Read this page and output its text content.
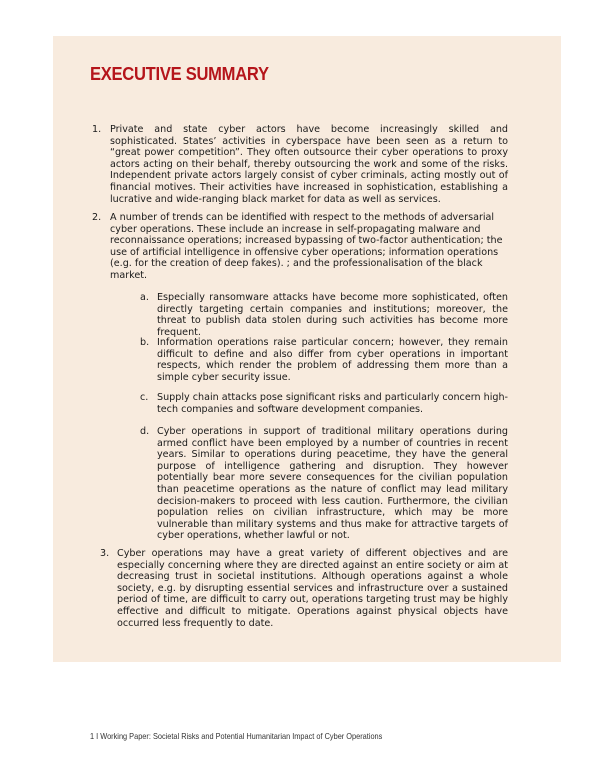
EXECUTIVE SUMMARY
1. Private and state cyber actors have become increasingly skilled and sophisticated. States’ activities in cyberspace have been seen as a return to “great power competition”. They often outsource their cyber operations to proxy actors acting on their behalf, thereby outsourcing the work and some of the risks. Independent private actors largely consist of cyber criminals, acting mostly out of financial motives. Their activities have increased in sophistication, establishing a lucrative and wide-ranging black market for data as well as services.
2. A number of trends can be identified with respect to the methods of adversarial cyber operations. These include an increase in self-propagating malware and reconnaissance operations; increased bypassing of two-factor authentication; the use of artificial intelligence in offensive cyber operations; information operations (e.g. for the creation of deep fakes). ; and the professionalisation of the black market.
a. Especially ransomware attacks have become more sophisticated, often directly targeting certain companies and institutions; moreover, the threat to publish data stolen during such activities has become more frequent.
b. Information operations raise particular concern; however, they remain difficult to define and also differ from cyber operations in important respects, which render the problem of addressing them more than a simple cyber security issue.
c. Supply chain attacks pose significant risks and particularly concern high-tech companies and software development companies.
d. Cyber operations in support of traditional military operations during armed conflict have been employed by a number of countries in recent years. Similar to operations during peacetime, they have the general purpose of intelligence gathering and disruption. They however potentially bear more severe consequences for the civilian population than peacetime operations as the nature of conflict may lead military decision-makers to proceed with less caution. Furthermore, the civilian population relies on civilian infrastructure, which may be more vulnerable than military systems and thus make for attractive targets of cyber operations, whether lawful or not.
3. Cyber operations may have a great variety of different objectives and are especially concerning where they are directed against an entire society or aim at decreasing trust in societal institutions. Although operations against a whole society, e.g. by disrupting essential services and infrastructure over a sustained period of time, are difficult to carry out, operations targeting trust may be highly effective and difficult to mitigate. Operations against physical objects have occurred less frequently to date.
1 I Working Paper: Societal Risks and Potential Humanitarian Impact of Cyber Operations
